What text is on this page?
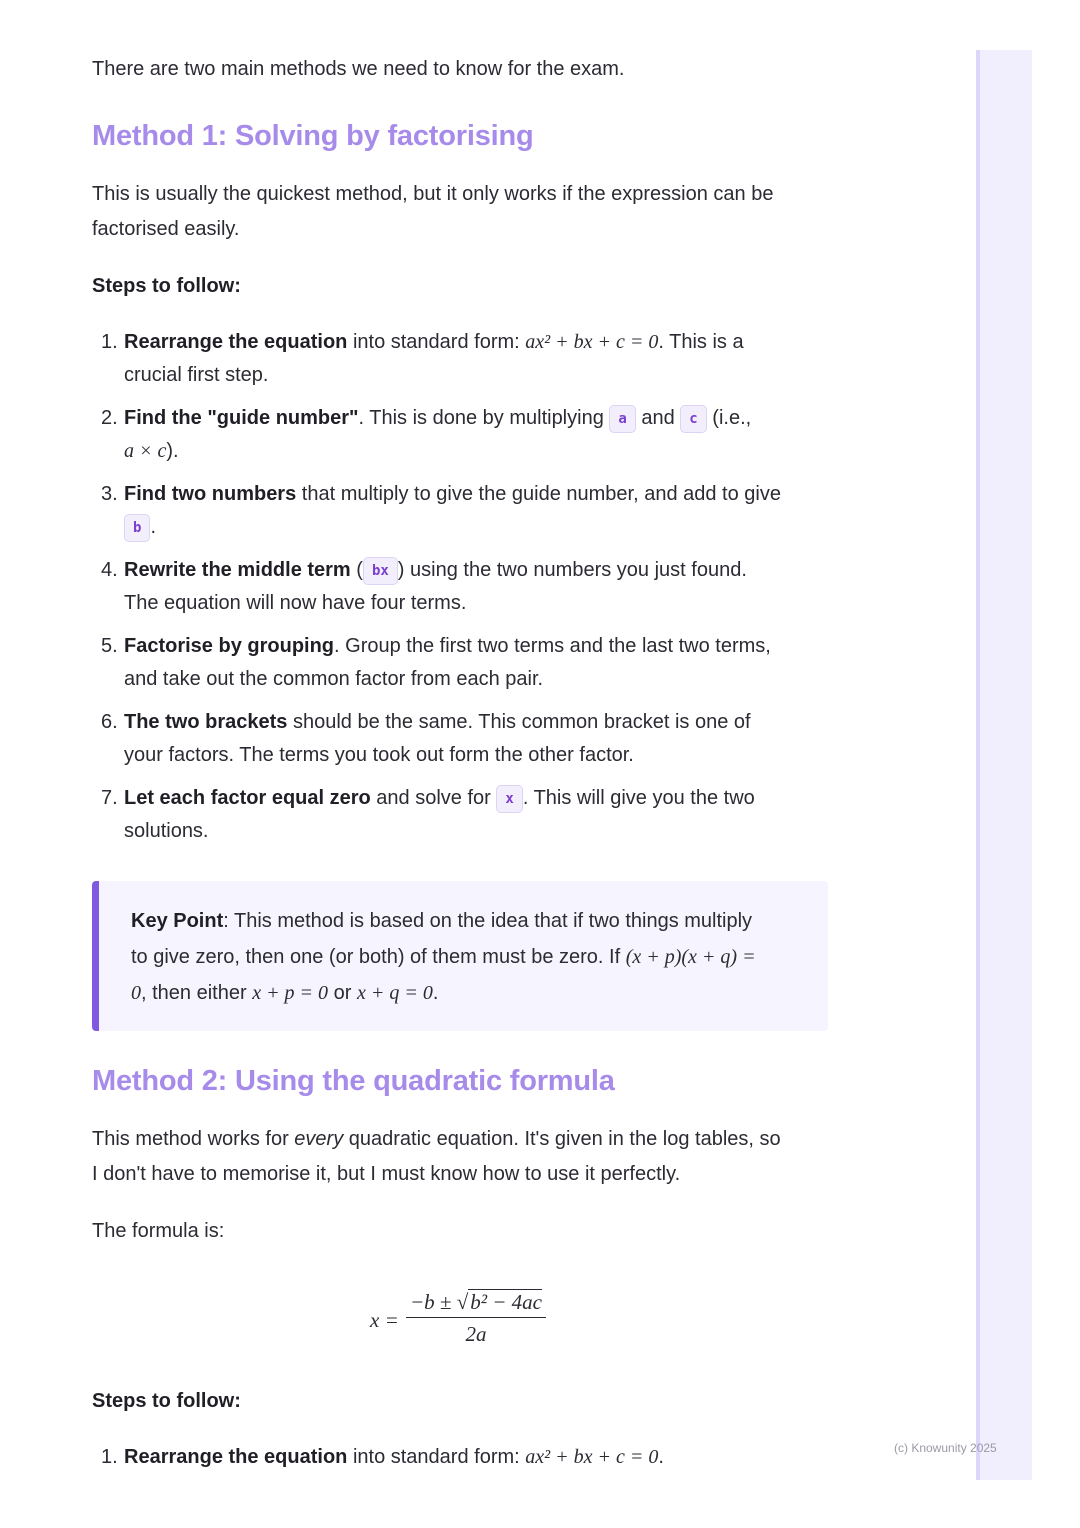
(c) Knowunity 2025

There are two main methods we need to know for the exam.

Method 1: Solving by factorising

This is usually the quickest method, but it only works if the expression can be
factorised easily.

Steps to follow:

1. Rearrange the equation into standard form: ax² + bx + c = 0. This is a
crucial first step.
2. Find the "guide number". This is done by multiplying a and c (i.e.,
a × c).
3. Find two numbers that multiply to give the guide number, and add to give
b .
4. Rewrite the middle term ( bx ) using the two numbers you just found.
The equation will now have four terms.
5. Factorise by grouping. Group the first two terms and the last two terms,
and take out the common factor from each pair.
6. The two brackets should be the same. This common bracket is one of
your factors. The terms you took out form the other factor.
7. Let each factor equal zero and solve for x . This will give you the two
solutions.
Method 2: Using the quadratic formula

This method works for every quadratic equation. It's given in the log tables, so
I don't have to memorise it, but I must know how to use it perfectly.

The formula is:

Steps to follow:

1. Rearrange the equation into standard form: ax² + bx + c = 0.
Key Point: This method is based on the idea that if two things multiply
to give zero, then one (or both) of them must be zero. If (x + p)(x + q) =
0, then either x + p = 0 or x + q = 0.
$x = \frac{\text{−b ± √b² − 4ac}}{2a}$
